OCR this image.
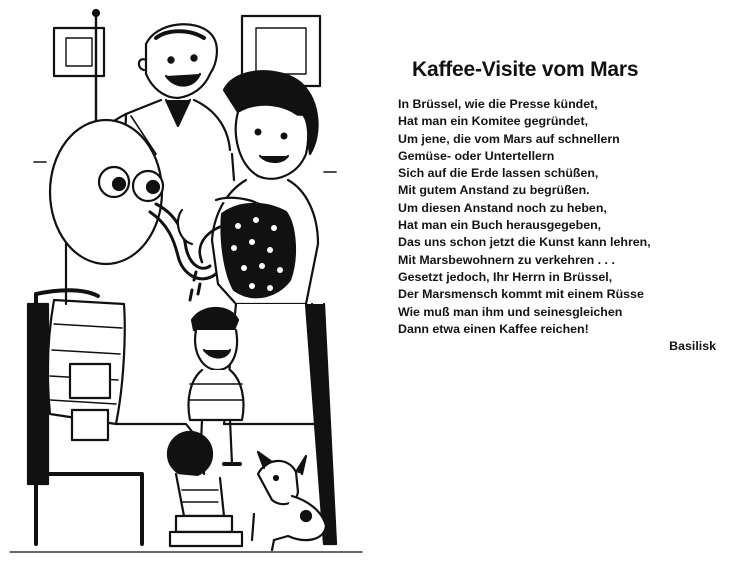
Kaffee-Visite vom Mars
In Brüssel, wie die Presse kündet,
Hat man ein Komitee gegründet,
Um jene, die vom Mars auf schnellern
Gemüse- oder Untertellern
Sich auf die Erde lassen schüßen,
Mit gutem Anstand zu begrüßen.
Um diesen Anstand noch zu heben,
Hat man ein Buch herausgegeben,
Das uns schon jetzt die Kunst kann lehren,
Mit Marsbewohnern zu verkehren . . .
Gesetzt jedoch, Ihr Herrn in Brüssel,
Der Marsmensch kommt mit einem Rüsse
Wie muß man ihm und seinesgleichen
Dann etwa einen Kaffee reichen!
Basilisk
